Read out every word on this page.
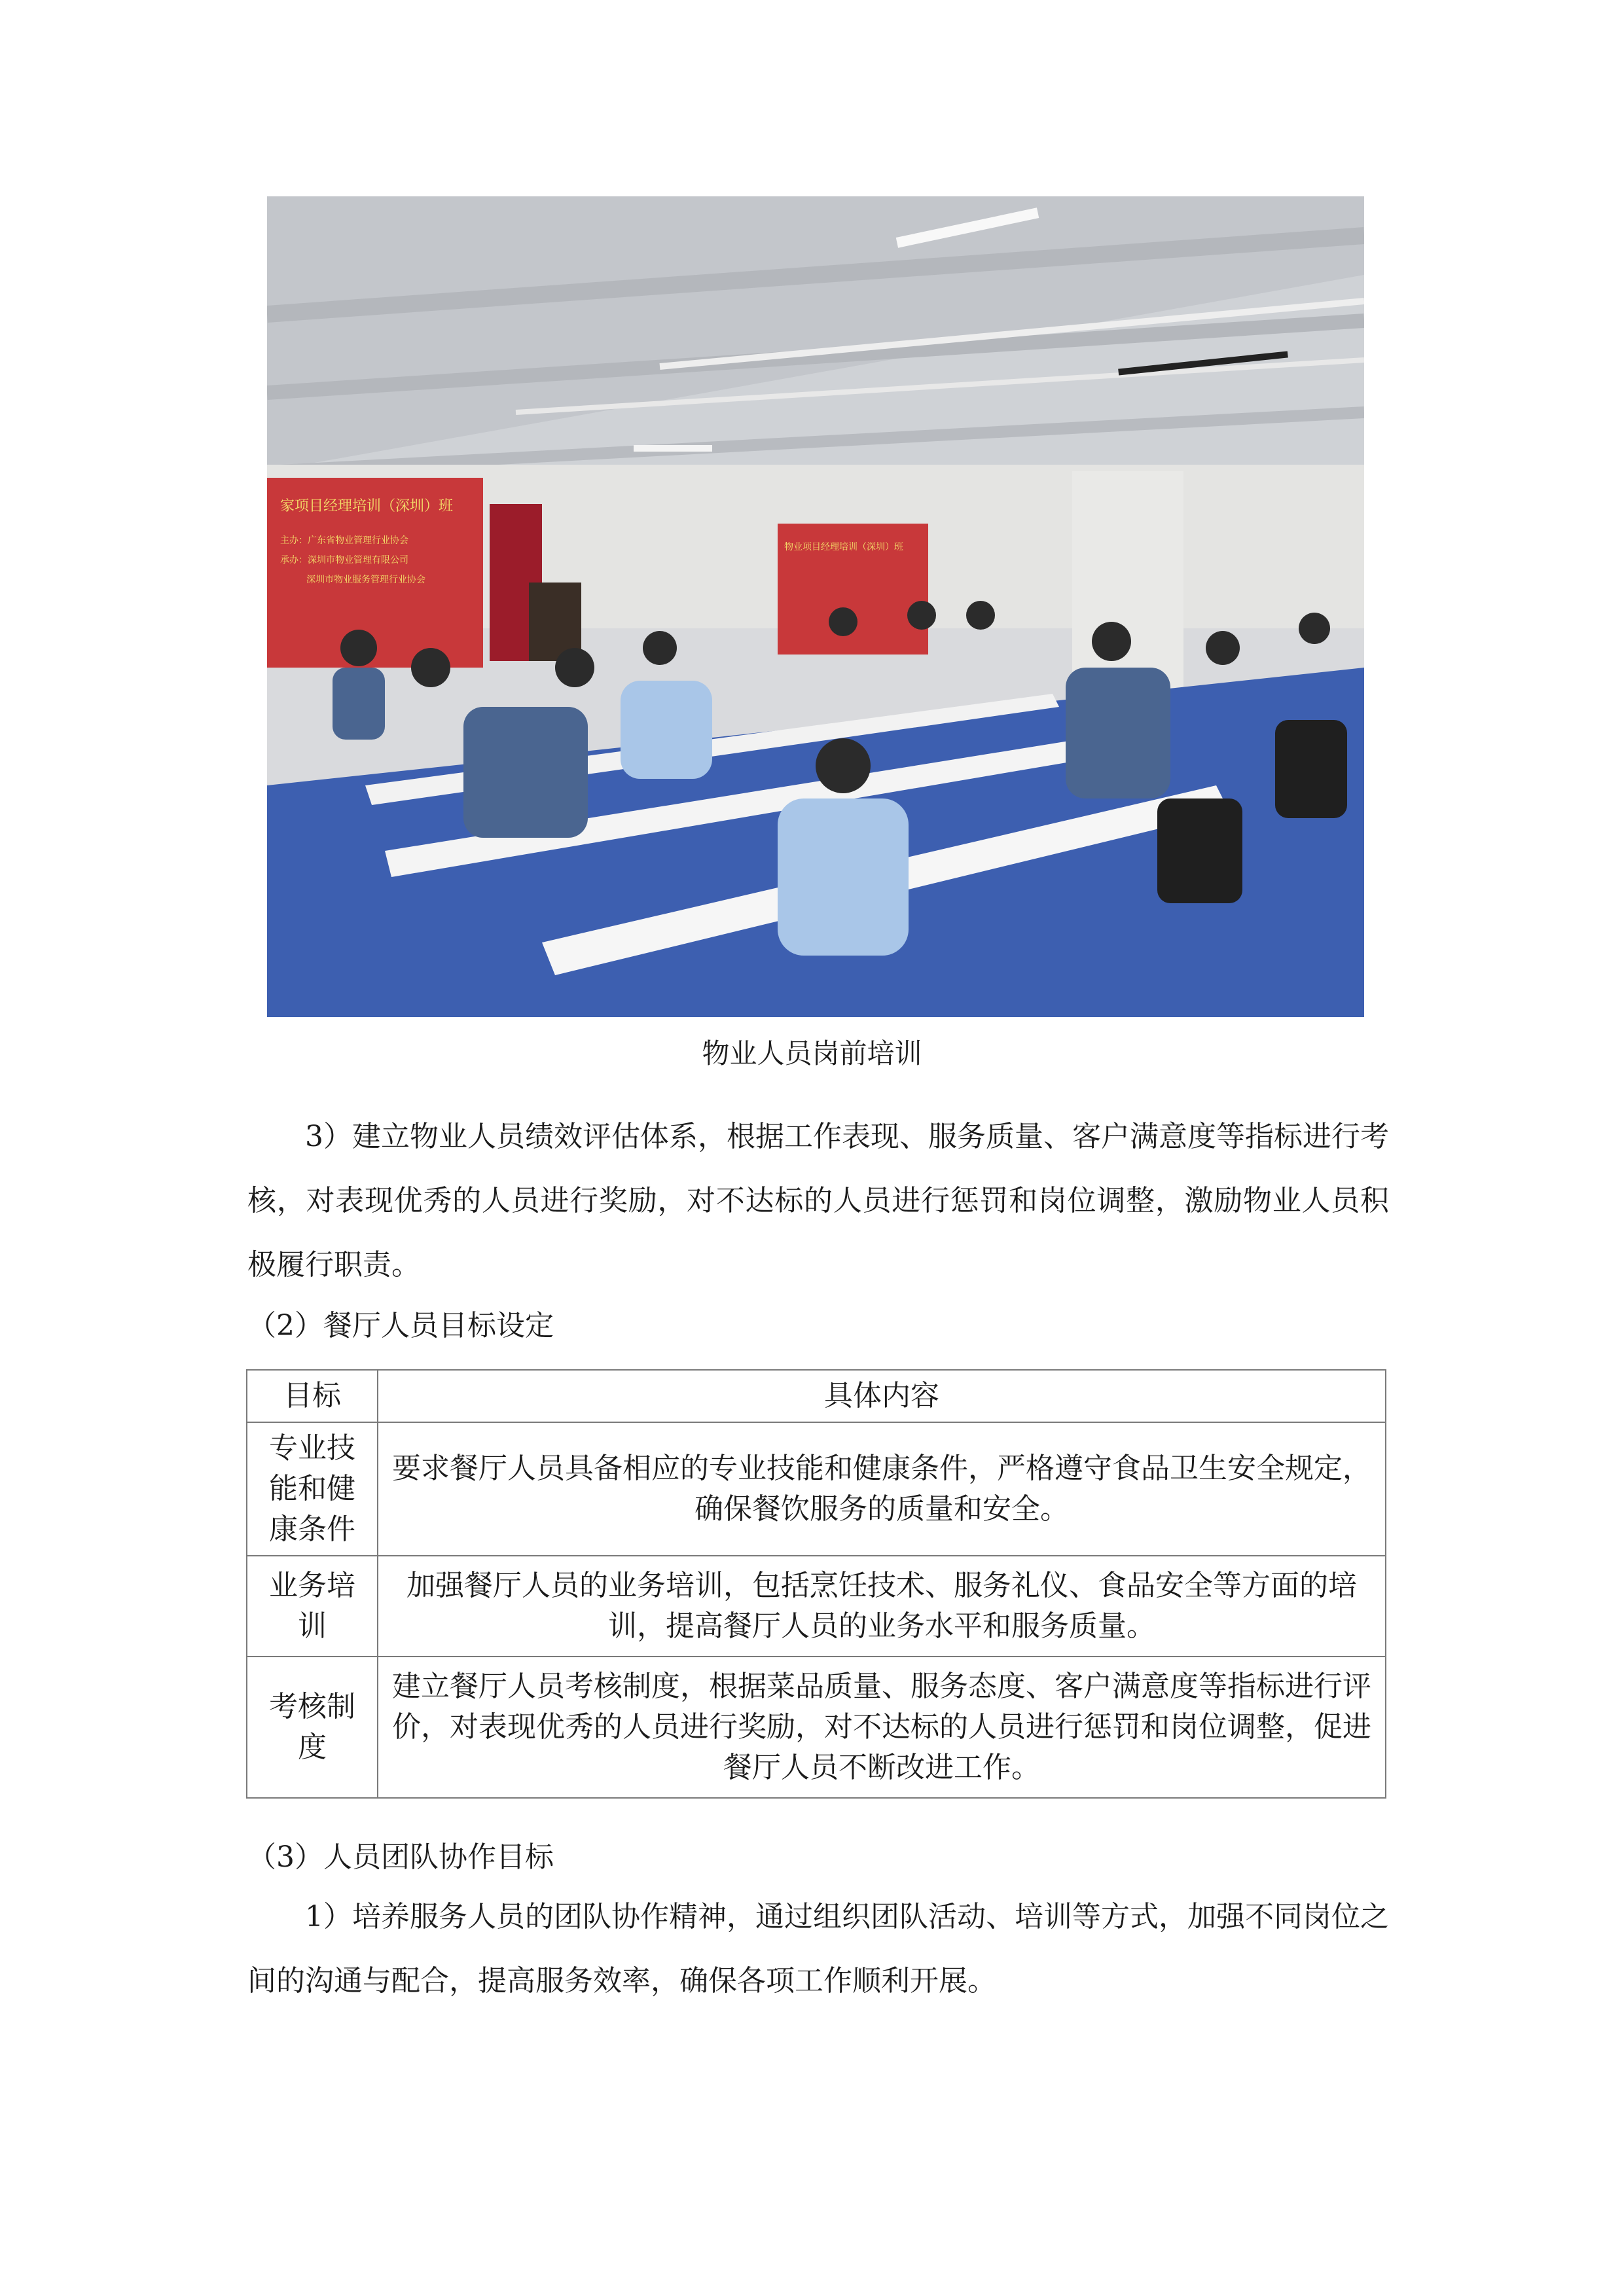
家项目经理培训（深圳）班
主办：广东省物业管理行业协会
承办：深圳市物业管理有限公司
深圳市物业服务管理行业协会
物业项目经理培训（深圳）班
物业人员岗前培训

3）建立物业人员绩效评估体系，根据工作表现、服务质量、客户满意度等指标进行考核，对表现优秀的人员进行奖励，对不达标的人员进行惩罚和岗位调整，激励物业人员积极履行职责。

（2）餐厅人员目标设定
目标	具体内容
专业技能和健康条件	要求餐厅人员具备相应的专业技能和健康条件，严格遵守食品卫生安全规定，确保餐饮服务的质量和安全。
业务培训	加强餐厅人员的业务培训，包括烹饪技术、服务礼仪、食品安全等方面的培训，提高餐厅人员的业务水平和服务质量。
考核制度	建立餐厅人员考核制度，根据菜品质量、服务态度、客户满意度等指标进行评价，对表现优秀的人员进行奖励，对不达标的人员进行惩罚和岗位调整，促进餐厅人员不断改进工作。
（3）人员团队协作目标

1）培养服务人员的团队协作精神，通过组织团队活动、培训等方式，加强不同岗位之间的沟通与配合，提高服务效率，确保各项工作顺利开展。
